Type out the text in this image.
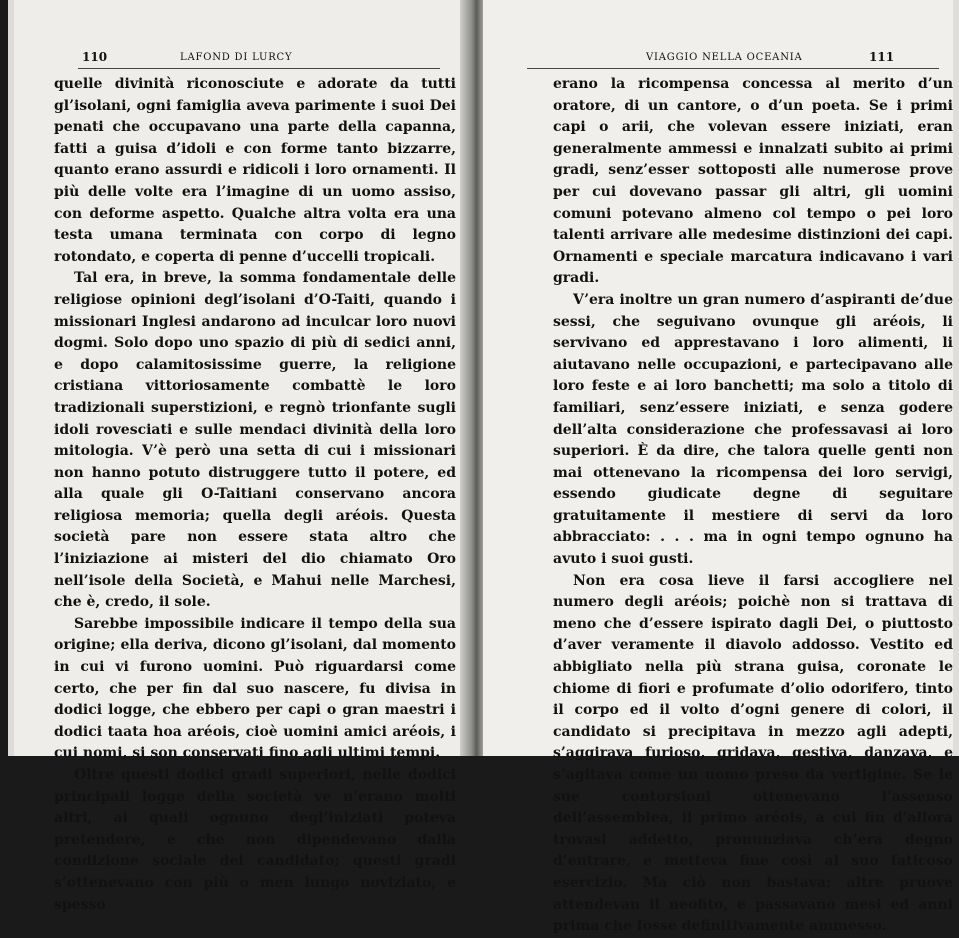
110	LAFOND DI LURCY

quelle divinità riconosciute e adorate da tutti gl’isolani, ogni famiglia aveva parimente i suoi Dei penati che occupavano una parte della capanna, fatti a guisa d’idoli e con forme tanto bizzarre, quanto erano assurdi e ridicoli i loro ornamenti. Il più delle volte era l’imagine di un uomo assiso, con deforme aspetto. Qualche altra volta era una testa umana terminata con corpo di legno rotondato, e coperta di penne d’uccelli tropicali.

Tal era, in breve, la somma fondamentale delle religiose opinioni degl’isolani d’O-Taiti, quando i missionari Inglesi andarono ad inculcar loro nuovi dogmi. Solo dopo uno spazio di più di sedici anni, e dopo calamitosissime guerre, la religione cristiana vittoriosamente combattè le loro tradizionali superstizioni, e regnò trionfante sugli idoli rovesciati e sulle mendaci divinità della loro mitologia. V’è però una setta di cui i missionari non hanno potuto distruggere tutto il potere, ed alla quale gli O-Taitiani conservano ancora religiosa memoria; quella degli aréois. Questa società pare non essere stata altro che l’iniziazione ai misteri del dio chiamato Oro nell’isole della Società, e Mahui nelle Marchesi, che è, credo, il sole.

Sarebbe impossibile indicare il tempo della sua origine; ella deriva, dicono gl’isolani, dal momento in cui vi furono uomini. Può riguardarsi come certo, che per fin dal suo nascere, fu divisa in dodici logge, che ebbero per capi o gran maestri i dodici taata hoa aréois, cioè uomini amici aréois, i cui nomi, si son conservati fino agli ultimi tempi.

Oltre questi dodici gradi superiori, nelle dodici principali logge della società ve n’erano molti altri, ai quali ognuno degl’iniziati poteva pretendere, e che non dipendevano dalla condizione sociale del candidato; questi gradi s’ottenevano con più o men lungo noviziato, e spesso

VIAGGIO NELLA OCEANIA	111

erano la ricompensa concessa al merito d’un oratore, di un cantore, o d’un poeta. Se i primi capi o arii, che volevan essere iniziati, eran generalmente ammessi e innalzati subito ai primi gradi, senz’esser sottoposti alle numerose prove per cui dovevano passar gli altri, gli uomini comuni potevano almeno col tempo o pei loro talenti arrivare alle medesime distinzioni dei capi. Ornamenti e speciale marcatura indicavano i vari gradi.

V’era inoltre un gran numero d’aspiranti de’due sessi, che seguivano ovunque gli aréois, li servivano ed apprestavano i loro alimenti, li aiutavano nelle occupazioni, e partecipavano alle loro feste e ai loro banchetti; ma solo a titolo di familiari, senz’essere iniziati, e senza godere dell’alta considerazione che professavasi ai loro superiori. È da dire, che talora quelle genti non mai ottenevano la ricompensa dei loro servigi, essendo giudicate degne di seguitare gratuitamente il mestiere di servi da loro abbracciato: . . . ma in ogni tempo ognuno ha avuto i suoi gusti.

Non era cosa lieve il farsi accogliere nel numero degli aréois; poichè non si trattava di meno che d’essere ispirato dagli Dei, o piuttosto d’aver veramente il diavolo addosso. Vestito ed abbigliato nella più strana guisa, coronate le chiome di fiori e profumate d’olio odorifero, tinto il corpo ed il volto d’ogni genere di colori, il candidato si precipitava in mezzo agli adepti, s’aggirava furioso, gridava, gestiva, danzava, e s’agitava come un uomo preso da vertigine. Se le sue contorsioni ottenevano l’assenso dell’assemblea, il primo aréois, a cui fin d’allora trovasi addetto, pronunziava ch’era degno d’entrare, e metteva fine così al suo faticoso esercizio. Ma ciò non bastava; altre pruove attendevan il neofito, e passavano mesi ed anni prima che fosse definitivamente ammesso.
